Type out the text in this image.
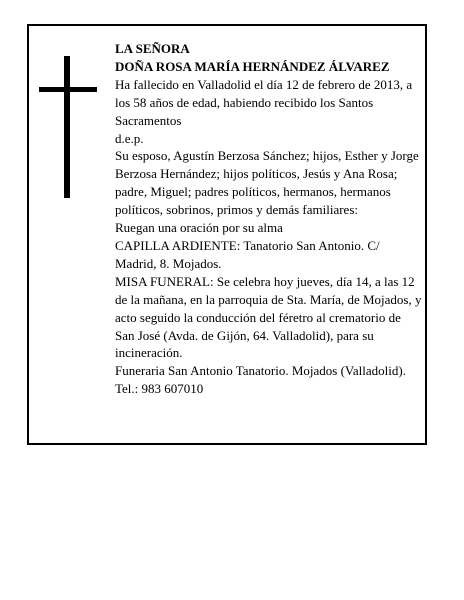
LA SEÑORA

DOÑA ROSA MARÍA HERNÁNDEZ ÁLVAREZ

Ha fallecido en Valladolid el día 12 de febrero de 2013, a los 58 años de edad, habiendo recibido los Santos Sacramentos

d.e.p.

Su esposo, Agustín Berzosa Sánchez; hijos, Esther y Jorge Berzosa Hernández; hijos políticos, Jesús y Ana Rosa; padre, Miguel; padres políticos, hermanos, hermanos políticos, sobrinos, primos y demás familiares:

Ruegan una oración por su alma

CAPILLA ARDIENTE: Tanatorio San Antonio. C/ Madrid, 8. Mojados.

MISA FUNERAL: Se celebra hoy jueves, día 14, a las 12 de la mañana, en la parroquia de Sta. María, de Mojados, y acto seguido la conducción del féretro al crematorio de San José (Avda. de Gijón, 64. Valladolid), para su incineración.

Funeraria San Antonio Tanatorio. Mojados (Valladolid). Tel.: 983 607010
